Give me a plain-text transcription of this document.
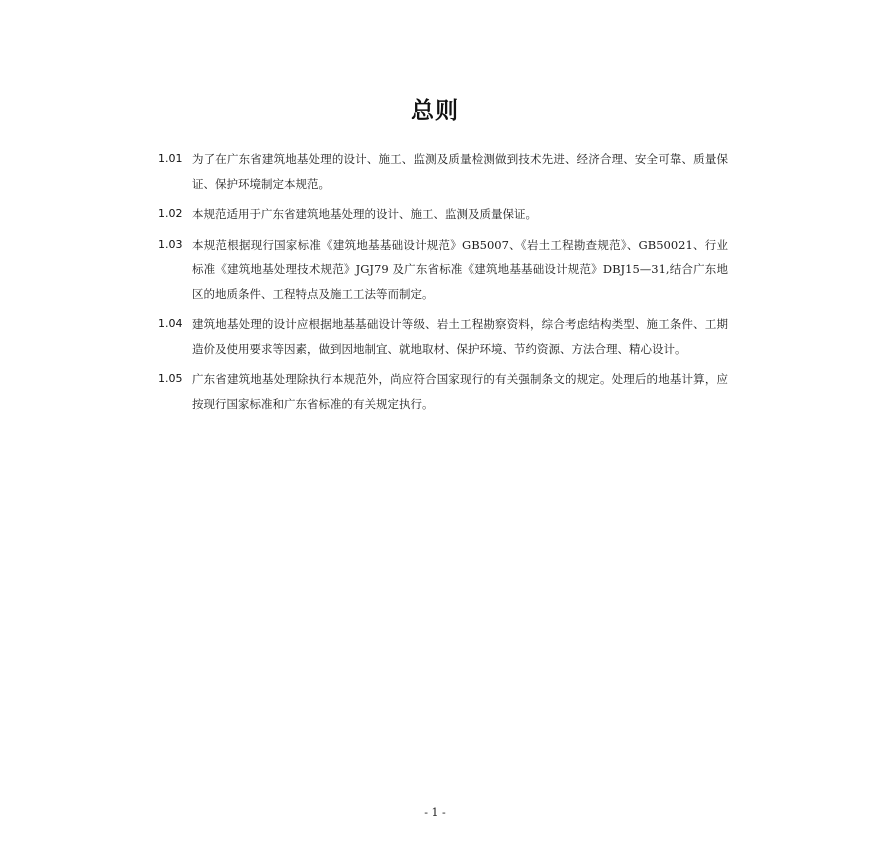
总则
1.01 为了在广东省建筑地基处理的设计、施工、监测及质量检测做到技术先进、经济合理、安全可靠、质量保证、保护环境制定本规范。
1.02 本规范适用于广东省建筑地基处理的设计、施工、监测及质量保证。
1.03 本规范根据现行国家标准《建筑地基基础设计规范》GB5007、《岩土工程勘查规范》、GB50021、行业标准《建筑地基处理技术规范》JGJ79 及广东省标准《建筑地基基础设计规范》DBJ15—31,结合广东地区的地质条件、工程特点及施工工法等而制定。
1.04 建筑地基处理的设计应根据地基基础设计等级、岩土工程勘察资料，综合考虑结构类型、施工条件、工期造价及使用要求等因素，做到因地制宜、就地取材、保护环境、节约资源、方法合理、精心设计。
1.05 广东省建筑地基处理除执行本规范外，尚应符合国家现行的有关强制条文的规定。处理后的地基计算，应按现行国家标准和广东省标准的有关规定执行。
- 1 -
